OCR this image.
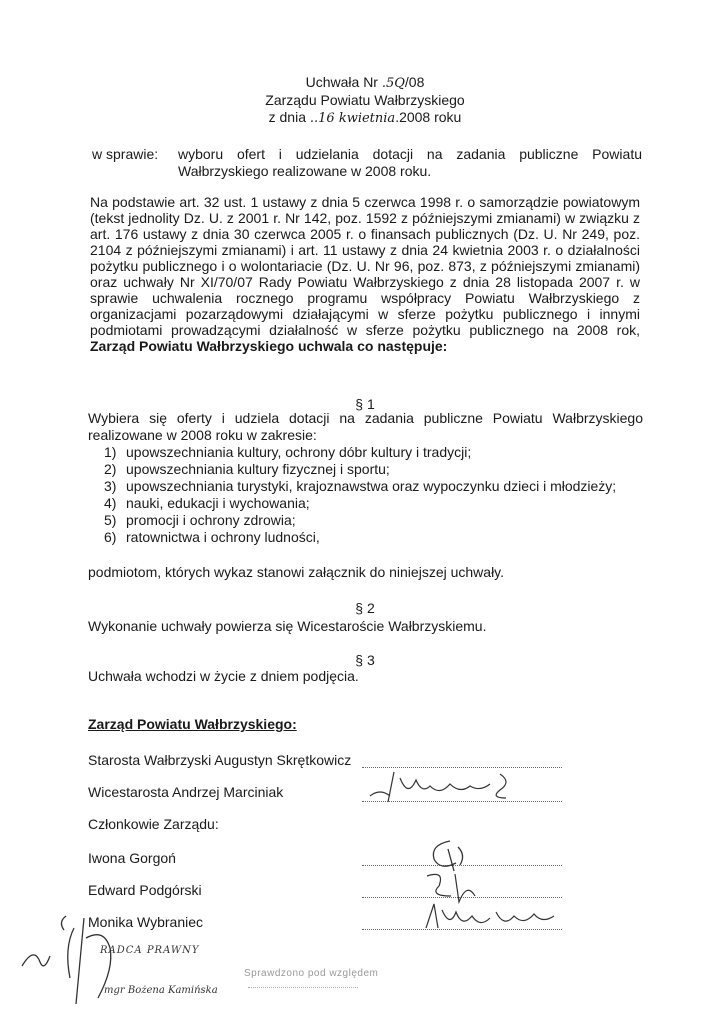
Uchwała Nr .5Q/08
Zarządu Powiatu Wałbrzyskiego
z dnia ..16 kwietnia.2008 roku
w sprawie: wyboru ofert i udzielania dotacji na zadania publiczne Powiatu Wałbrzyskiego realizowane w 2008 roku.
Na podstawie art. 32 ust. 1 ustawy z dnia 5 czerwca 1998 r. o samorządzie powiatowym (tekst jednolity Dz. U. z 2001 r. Nr 142, poz. 1592 z późniejszymi zmianami) w związku z art. 176 ustawy z dnia 30 czerwca 2005 r. o finansach publicznych (Dz. U. Nr 249, poz. 2104 z późniejszymi zmianami) i art. 11 ustawy z dnia 24 kwietnia 2003 r. o działalności pożytku publicznego i o wolontariacie (Dz. U. Nr 96, poz. 873, z późniejszymi zmianami) oraz uchwały Nr XI/70/07 Rady Powiatu Wałbrzyskiego z dnia 28 listopada 2007 r. w sprawie uchwalenia rocznego programu współpracy Powiatu Wałbrzyskiego z organizacjami pozarządowymi działającymi w sferze pożytku publicznego i innymi podmiotami prowadzącymi działalność w sferze pożytku publicznego na 2008 rok, Zarząd Powiatu Wałbrzyskiego uchwala co następuje:
§ 1
Wybiera się oferty i udziela dotacji na zadania publiczne Powiatu Wałbrzyskiego realizowane w 2008 roku w zakresie:
1) upowszechniania kultury, ochrony dóbr kultury i tradycji;
2) upowszechniania kultury fizycznej i sportu;
3) upowszechniania turystyki, krajoznawstwa oraz wypoczynku dzieci i młodzieży;
4) nauki, edukacji i wychowania;
5) promocji i ochrony zdrowia;
6) ratownictwa i ochrony ludności,
podmiotom, których wykaz stanowi załącznik do niniejszej uchwały.
§ 2
Wykonanie uchwały powierza się Wicestaroście Wałbrzyskiemu.
§ 3
Uchwała wchodzi w życie z dniem podjęcia.
Zarząd Powiatu Wałbrzyskiego:
Starosta Wałbrzyski Augustyn Skrętkowicz
Wicestarosta Andrzej Marciniak
Członkowie Zarządu:
Iwona Gorgoń
Edward Podgórski
Monika Wybraniec
RADCA PRAWNY
mgr Bożena Kamińska
Sprawdzono pod względem
